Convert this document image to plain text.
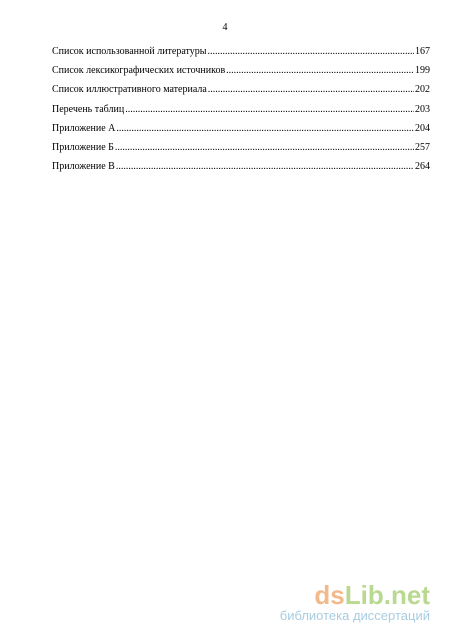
4
Список использованной литературы .....	167
Список лексикографических источников .....	199
Список иллюстративного материала .....	202
Перечень таблиц .....	203
Приложение А .....	204
Приложение Б .....	257
Приложение В .....	264
dsLib.net
библиотека диссертаций
